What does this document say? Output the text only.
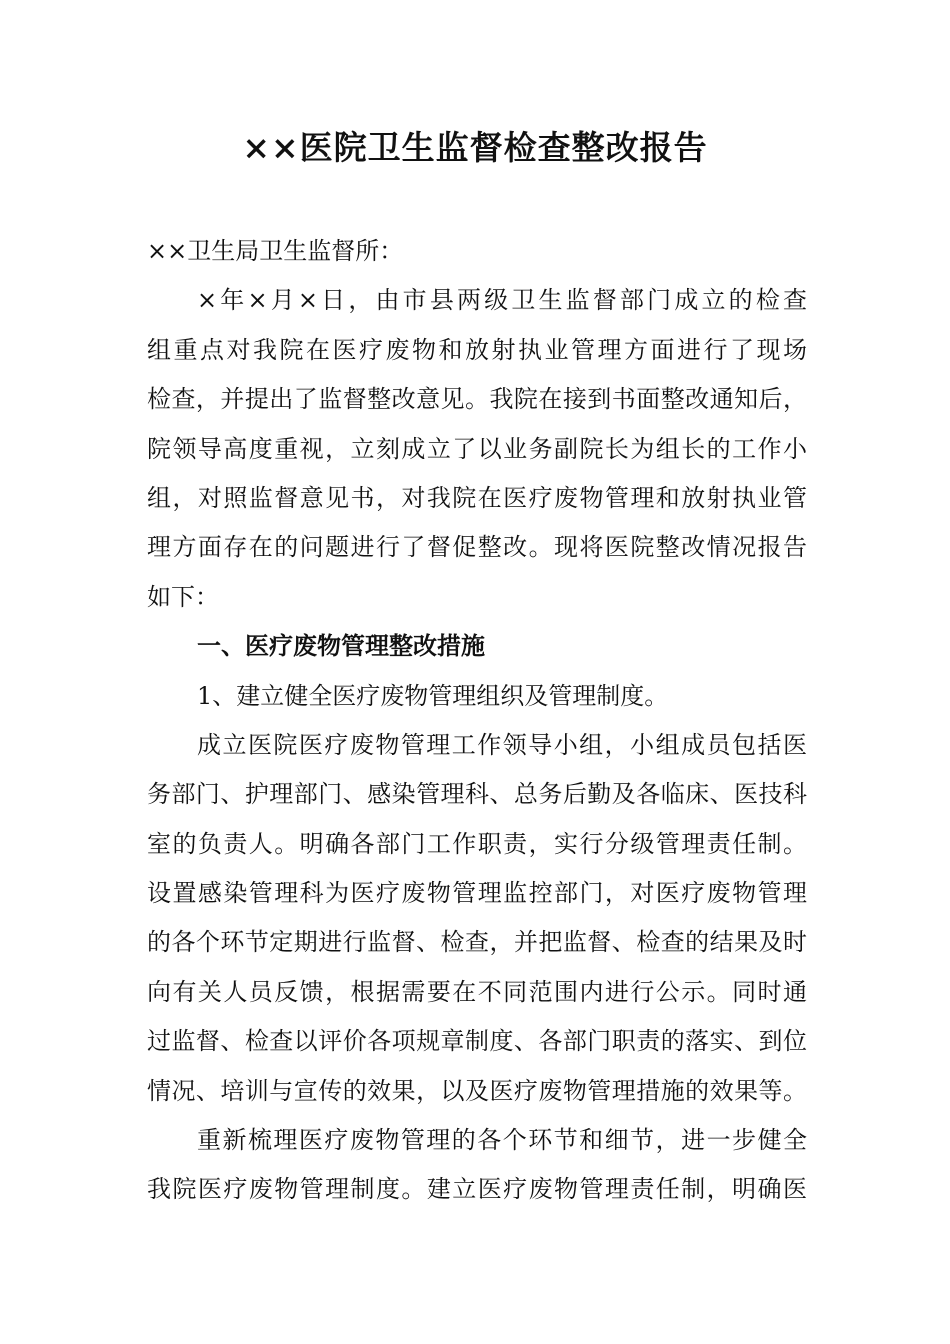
××医院卫生监督检查整改报告
××卫生局卫生监督所：
×年×月×日，由市县两级卫生监督部门成立的检查
组重点对我院在医疗废物和放射执业管理方面进行了现场
检查，并提出了监督整改意见。我院在接到书面整改通知后，
院领导高度重视，立刻成立了以业务副院长为组长的工作小
组，对照监督意见书，对我院在医疗废物管理和放射执业管
理方面存在的问题进行了督促整改。现将医院整改情况报告
如下：
一、医疗废物管理整改措施
1、建立健全医疗废物管理组织及管理制度。
成立医院医疗废物管理工作领导小组，小组成员包括医
务部门、护理部门、感染管理科、总务后勤及各临床、医技科
室的负责人。明确各部门工作职责，实行分级管理责任制。
设置感染管理科为医疗废物管理监控部门，对医疗废物管理
的各个环节定期进行监督、检查，并把监督、检查的结果及时
向有关人员反馈，根据需要在不同范围内进行公示。同时通
过监督、检查以评价各项规章制度、各部门职责的落实、到位
情况、培训与宣传的效果，以及医疗废物管理措施的效果等。
重新梳理医疗废物管理的各个环节和细节，进一步健全
我院医疗废物管理制度。建立医疗废物管理责任制，明确医
